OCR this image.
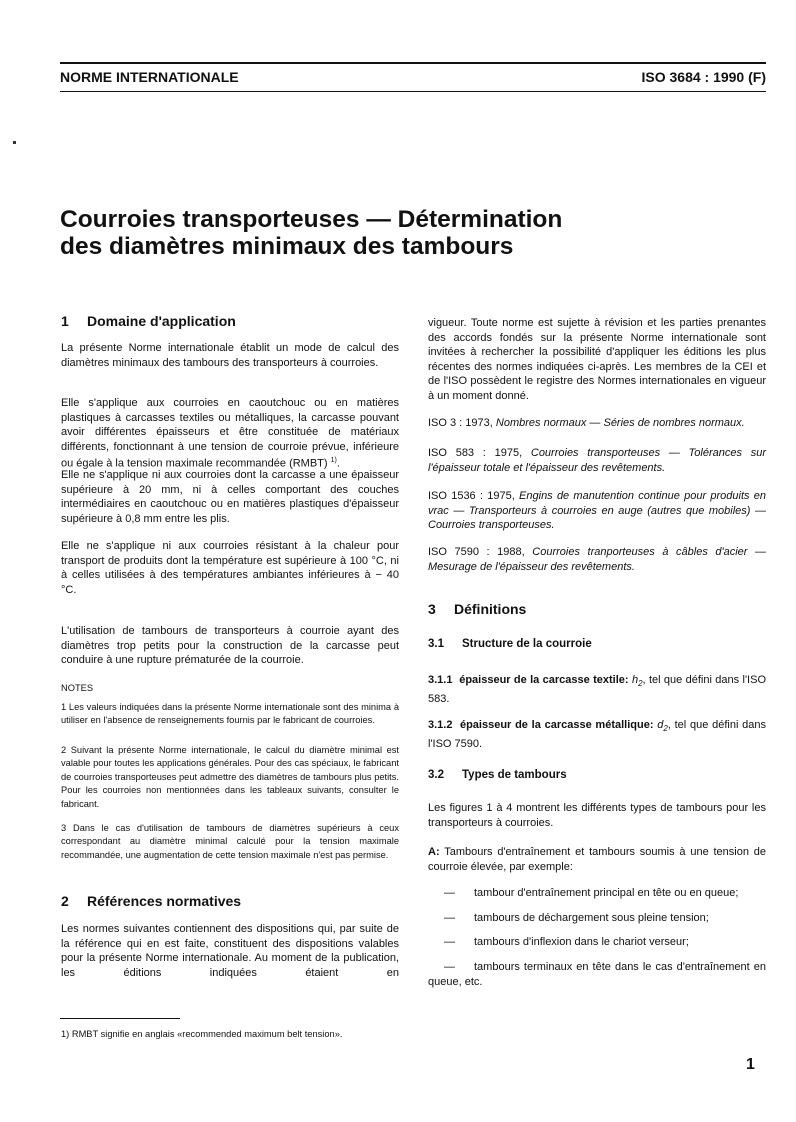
NORME INTERNATIONALE	ISO 3684 : 1990 (F)
Courroies transporteuses — Détermination
des diamètres minimaux des tambours
1 Domaine d'application
La présente Norme internationale établit un mode de calcul des diamètres minimaux des tambours des transporteurs à courroies.
Elle s'applique aux courroies en caoutchouc ou en matières plastiques à carcasses textiles ou métalliques, la carcasse pouvant avoir différentes épaisseurs et être constituée de matériaux différents, fonctionnant à une tension de courroie prévue, inférieure ou égale à la tension maximale recommandée (RMBT) $^{1)}$.
Elle ne s'applique ni aux courroies dont la carcasse a une épaisseur supérieure à 20 mm, ni à celles comportant des couches intermédiaires en caoutchouc ou en matières plastiques d'épaisseur supérieure à 0,8 mm entre les plis.
Elle ne s'applique ni aux courroies résistant à la chaleur pour transport de produits dont la température est supérieure à 100 °C, ni à celles utilisées à des températures ambiantes inférieures à − 40 °C.
L'utilisation de tambours de transporteurs à courroie ayant des diamètres trop petits pour la construction de la carcasse peut conduire à une rupture prématurée de la courroie.
NOTES
1 Les valeurs indiquées dans la présente Norme internationale sont des minima à utiliser en l'absence de renseignements fournis par le fabricant de courroies.
2 Suivant la présente Norme internationale, le calcul du diamètre minimal est valable pour toutes les applications générales. Pour des cas spéciaux, le fabricant de courroies transporteuses peut admettre des diamètres de tambours plus petits. Pour les courroies non mentionnées dans les tableaux suivants, consulter le fabricant.
3 Dans le cas d'utilisation de tambours de diamètres supérieurs à ceux correspondant au diamètre minimal calculé pour la tension maximale recommandée, une augmentation de cette tension maximale n'est pas permise.
2 Références normatives
Les normes suivantes contiennent des dispositions qui, par suite de la référence qui en est faite, constituent des dispositions valables pour la présente Norme internationale. Au moment de la publication, les éditions indiquées étaient en
1) RMBT signifie en anglais «recommended maximum belt tension».
vigueur. Toute norme est sujette à révision et les parties prenantes des accords fondés sur la présente Norme internationale sont invitées à rechercher la possibilité d'appliquer les éditions les plus récentes des normes indiquées ci-après. Les membres de la CEI et de l'ISO possèdent le registre des Normes internationales en vigueur à un moment donné.
ISO 3 : 1973, Nombres normaux — Séries de nombres normaux.
ISO 583 : 1975, Courroies transporteuses — Tolérances sur l'épaisseur totale et l'épaisseur des revêtements.
ISO 1536 : 1975, Engins de manutention continue pour produits en vrac — Transporteurs à courroies en auge (autres que mobiles) — Courroies transporteuses.
ISO 7590 : 1988, Courroies tranporteuses à câbles d'acier — Mesurage de l'épaisseur des revêtements.
3 Définitions
3.1 Structure de la courroie
3.1.1 épaisseur de la carcasse textile: $h_2$, tel que défini dans l'ISO 583.
3.1.2 épaisseur de la carcasse métallique: $d_2$, tel que défini dans l'ISO 7590.
3.2 Types de tambours
Les figures 1 à 4 montrent les différents types de tambours pour les transporteurs à courroies.
A: Tambours d'entraînement et tambours soumis à une tension de courroie élevée, par exemple:
— tambour d'entraînement principal en tête ou en queue;
— tambours de déchargement sous pleine tension;
— tambours d'inflexion dans le chariot verseur;
— tambours terminaux en tête dans le cas d'entraînement en queue, etc.
1
